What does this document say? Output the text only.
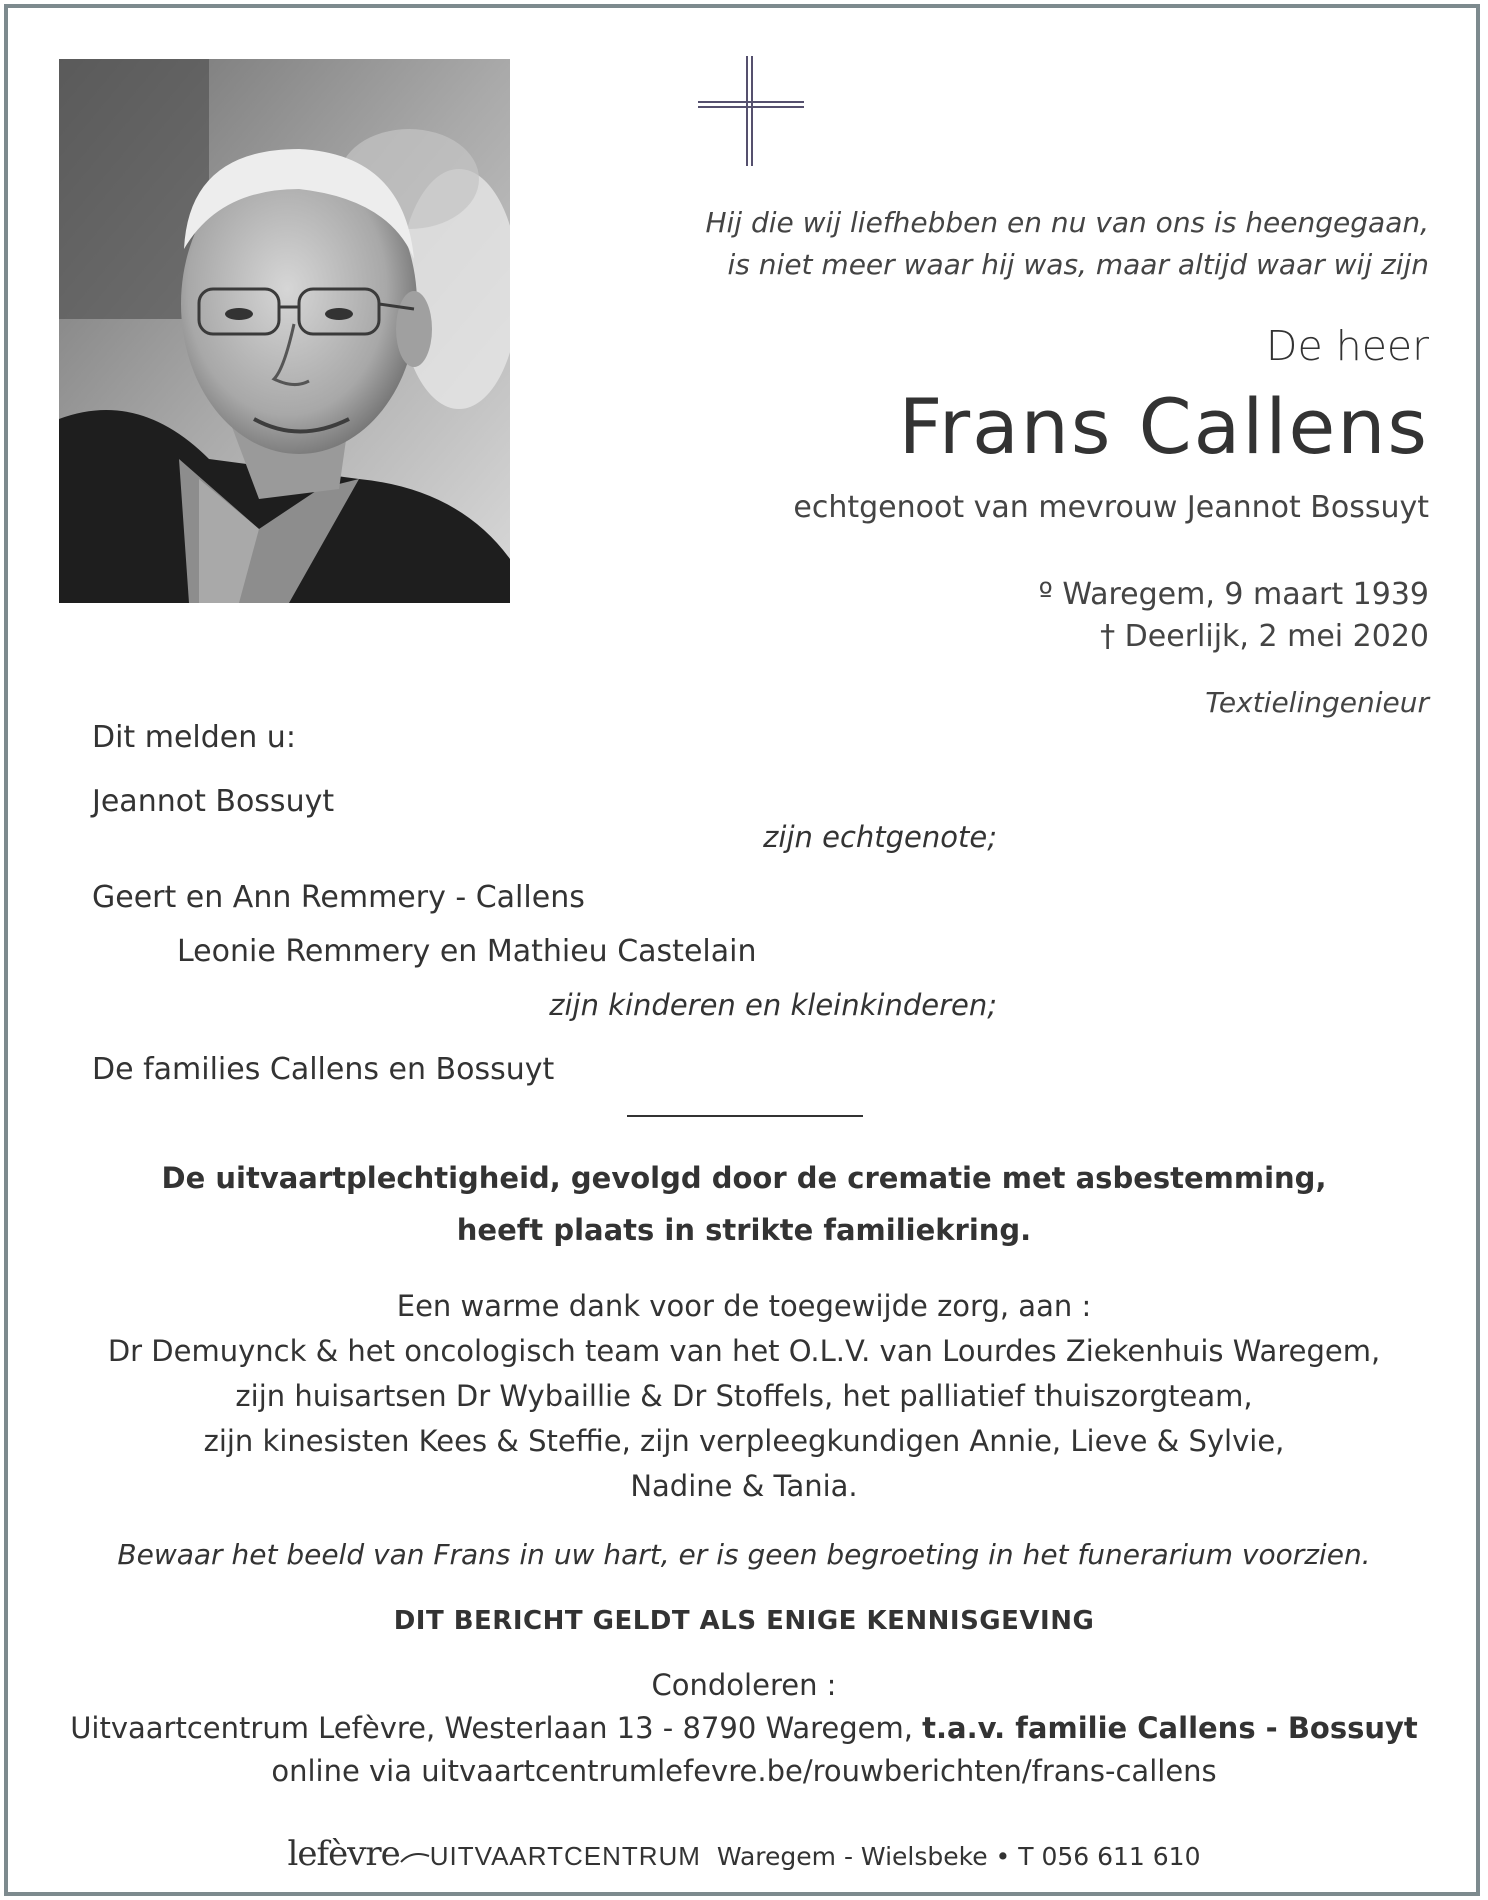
Hij die wij liefhebben en nu van ons is heengegaan,
is niet meer waar hij was, maar altijd waar wij zijn
De heer
Frans Callens
echtgenoot van mevrouw Jeannot Bossuyt
º Waregem, 9 maart 1939
† Deerlijk, 2 mei 2020
Textielingenieur
Dit melden u:
Jeannot Bossuyt
zijn echtgenote;
Geert en Ann Remmery - Callens
Leonie Remmery en Mathieu Castelain
zijn kinderen en kleinkinderen;
De families Callens en Bossuyt
De uitvaartplechtigheid, gevolgd door de crematie met asbestemming,
heeft plaats in strikte familiekring.
Een warme dank voor de toegewijde zorg, aan :
Dr Demuynck & het oncologisch team van het O.L.V. van Lourdes Ziekenhuis Waregem,
zijn huisartsen Dr Wybaillie & Dr Stoffels, het palliatief thuiszorgteam,
zijn kinesisten Kees & Steffie, zijn verpleegkundigen Annie, Lieve & Sylvie,
Nadine & Tania.
Bewaar het beeld van Frans in uw hart, er is geen begroeting in het funerarium voorzien.
DIT BERICHT GELDT ALS ENIGE KENNISGEVING
Condoleren :
Uitvaartcentrum Lefèvre, Westerlaan 13 - 8790 Waregem, t.a.v. familie Callens - Bossuyt
online via uitvaartcentrumlefevre.be/rouwberichten/frans-callens
lefèvre UITVAARTCENTRUM Waregem - Wielsbeke • T 056 611 610
